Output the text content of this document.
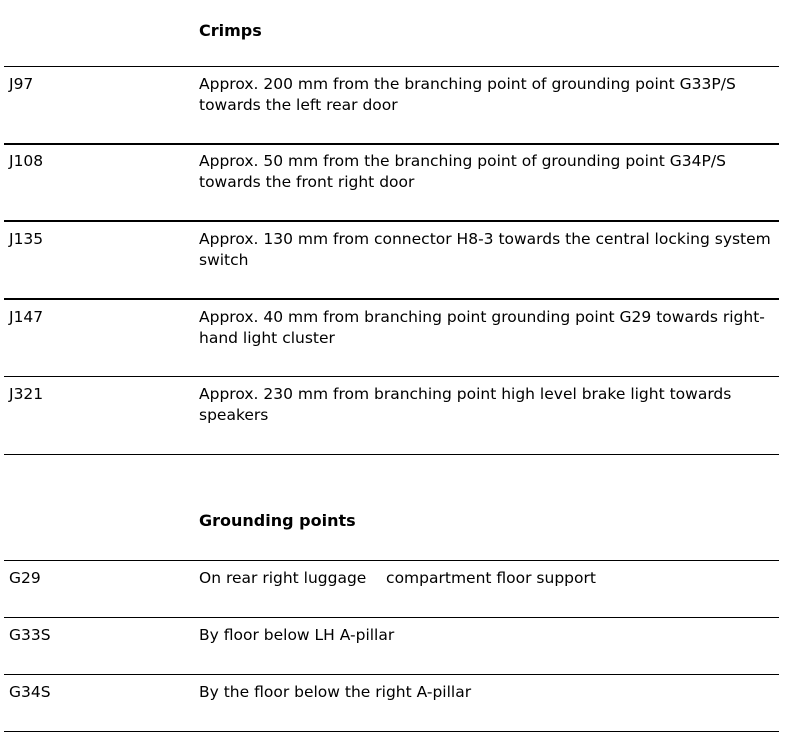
Crimps
J97	Approx. 200 mm from the branching point of grounding point G33P/S towards the left rear door
J108	Approx. 50 mm from the branching point of grounding point G34P/S towards the front right door
J135	Approx. 130 mm from connector H8-3 towards the central locking system switch
J147	Approx. 40 mm from branching point grounding point G29 towards right-hand light cluster
J321	Approx. 230 mm from branching point high level brake light towards speakers
Grounding points
G29	On rear right luggage    compartment floor support
G33S	By floor below LH A-pillar
G34S	By the floor below the right A-pillar
